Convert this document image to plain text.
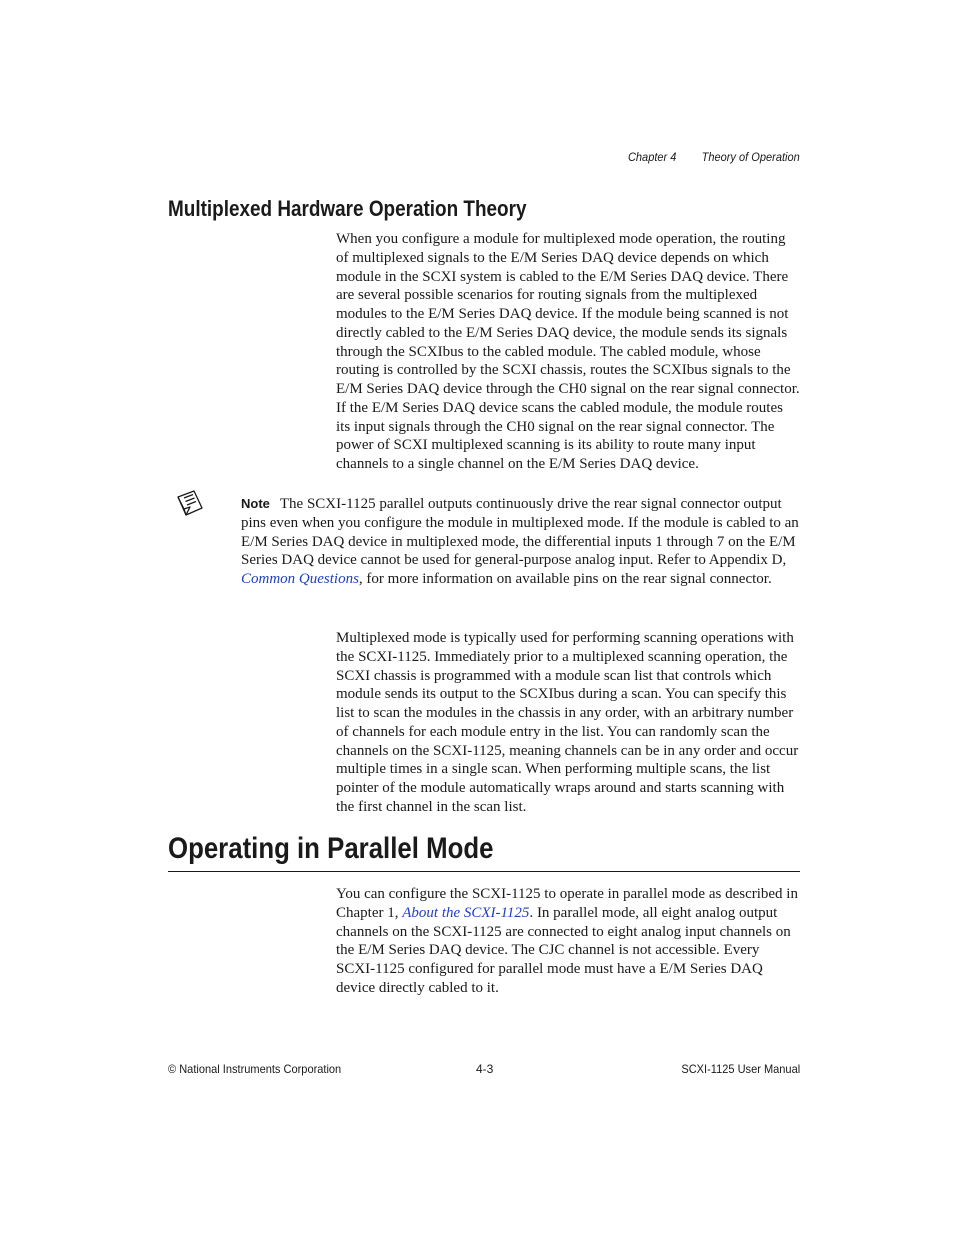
Chapter 4 Theory of Operation
Multiplexed Hardware Operation Theory

When you configure a module for multiplexed mode operation, the routing of multiplexed signals to the E/M Series DAQ device depends on which module in the SCXI system is cabled to the E/M Series DAQ device. There are several possible scenarios for routing signals from the multiplexed modules to the E/M Series DAQ device. If the module being scanned is not directly cabled to the E/M Series DAQ device, the module sends its signals through the SCXIbus to the cabled module. The cabled module, whose routing is controlled by the SCXI chassis, routes the SCXIbus signals to the E/M Series DAQ device through the CH0 signal on the rear signal connector. If the E/M Series DAQ device scans the cabled module, the module routes its input signals through the CH0 signal on the rear signal connector. The power of SCXI multiplexed scanning is its ability to route many input channels to a single channel on the E/M Series DAQ device.

Note The SCXI-1125 parallel outputs continuously drive the rear signal connector output pins even when you configure the module in multiplexed mode. If the module is cabled to an E/M Series DAQ device in multiplexed mode, the differential inputs 1 through 7 on the E/M Series DAQ device cannot be used for general-purpose analog input. Refer to Appendix D, Common Questions, for more information on available pins on the rear signal connector.

Multiplexed mode is typically used for performing scanning operations with the SCXI-1125. Immediately prior to a multiplexed scanning operation, the SCXI chassis is programmed with a module scan list that controls which module sends its output to the SCXIbus during a scan. You can specify this list to scan the modules in the chassis in any order, with an arbitrary number of channels for each module entry in the list. You can randomly scan the channels on the SCXI-1125, meaning channels can be in any order and occur multiple times in a single scan. When performing multiple scans, the list pointer of the module automatically wraps around and starts scanning with the first channel in the scan list.

Operating in Parallel Mode

You can configure the SCXI-1125 to operate in parallel mode as described in Chapter 1, About the SCXI-1125. In parallel mode, all eight analog output channels on the SCXI-1125 are connected to eight analog input channels on the E/M Series DAQ device. The CJC channel is not accessible. Every SCXI-1125 configured for parallel mode must have a E/M Series DAQ device directly cabled to it.

© National Instruments Corporation	4-3	SCXI-1125 User Manual
